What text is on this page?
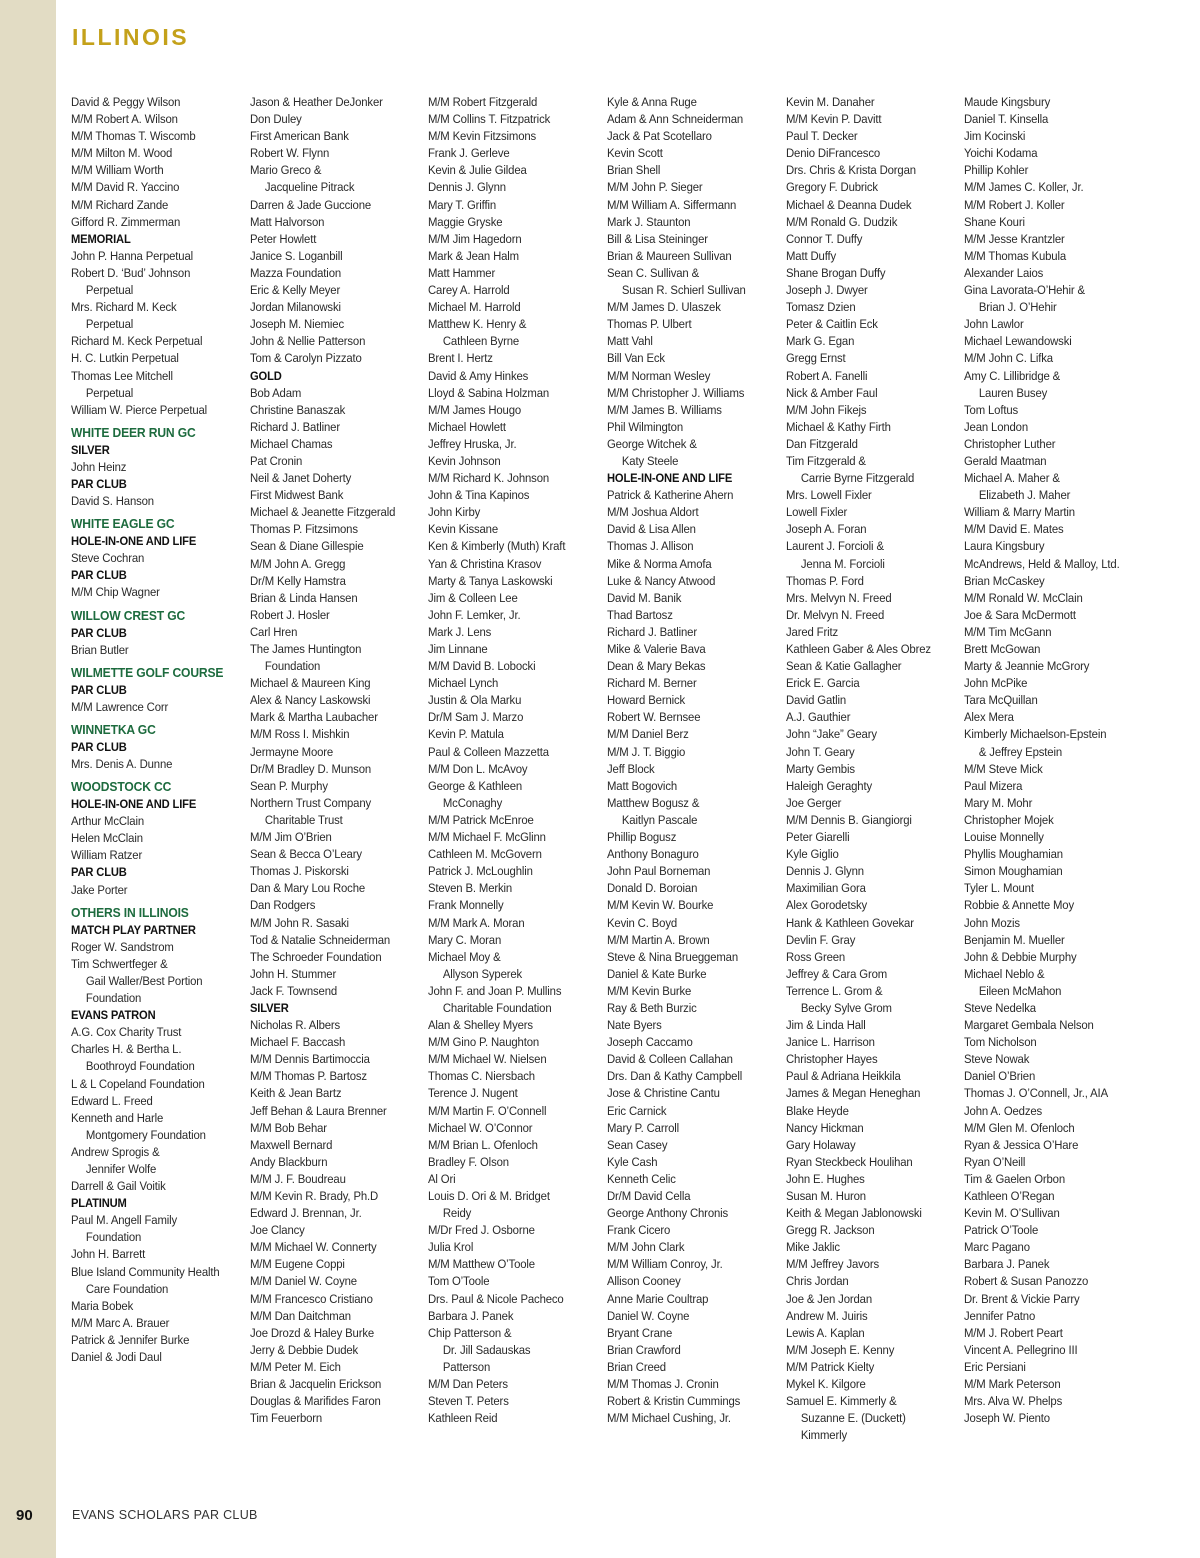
ILLINOIS
David & Peggy Wilson
M/M Robert A. Wilson
M/M Thomas T. Wiscomb
M/M Milton M. Wood
M/M William Worth
M/M David R. Yaccino
M/M Richard Zande
Gifford R. Zimmerman
MEMORIAL
John P. Hanna Perpetual
Robert D. ‘Bud’ Johnson
Perpetual
Mrs. Richard M. Keck
Perpetual
Richard M. Keck Perpetual
H. C. Lutkin Perpetual
Thomas Lee Mitchell
Perpetual
William W. Pierce Perpetual
WHITE DEER RUN GC
SILVER
John Heinz
PAR CLUB
David S. Hanson
WHITE EAGLE GC
HOLE-IN-ONE AND LIFE
Steve Cochran
PAR CLUB
M/M Chip Wagner
WILLOW CREST GC
PAR CLUB
Brian Butler
WILMETTE GOLF COURSE
PAR CLUB
M/M Lawrence Corr
WINNETKA GC
PAR CLUB
Mrs. Denis A. Dunne
WOODSTOCK CC
HOLE-IN-ONE AND LIFE
Arthur McClain
Helen McClain
William Ratzer
PAR CLUB
Jake Porter
OTHERS IN ILLINOIS
MATCH PLAY PARTNER
Roger W. Sandstrom
Tim Schwertfeger &
Gail Waller/Best Portion
Foundation
EVANS PATRON
A.G. Cox Charity Trust
Charles H. & Bertha L.
Boothroyd Foundation
L & L Copeland Foundation
Edward L. Freed
Kenneth and Harle
Montgomery Foundation
Andrew Sprogis &
Jennifer Wolfe
Darrell & Gail Voitik
PLATINUM
Paul M. Angell Family
Foundation
John H. Barrett
Blue Island Community Health
Care Foundation
Maria Bobek
M/M Marc A. Brauer
Patrick & Jennifer Burke
Daniel & Jodi Daul
Jason & Heather DeJonker
Don Duley
First American Bank
Robert W. Flynn
Mario Greco &
Jacqueline Pitrack
Darren & Jade Guccione
Matt Halvorson
Peter Howlett
Janice S. Loganbill
Mazza Foundation
Eric & Kelly Meyer
Jordan Milanowski
Joseph M. Niemiec
John & Nellie Patterson
Tom & Carolyn Pizzato
GOLD
Bob Adam
Christine Banaszak
Richard J. Batliner
Michael Chamas
Pat Cronin
Neil & Janet Doherty
First Midwest Bank
Michael & Jeanette Fitzgerald
Thomas P. Fitzsimons
Sean & Diane Gillespie
M/M John A. Gregg
Dr/M Kelly Hamstra
Brian & Linda Hansen
Robert J. Hosler
Carl Hren
The James Huntington
Foundation
Michael & Maureen King
Alex & Nancy Laskowski
Mark & Martha Laubacher
M/M Ross I. Mishkin
Jermayne Moore
Dr/M Bradley D. Munson
Sean P. Murphy
Northern Trust Company
Charitable Trust
M/M Jim O’Brien
Sean & Becca O’Leary
Thomas J. Piskorski
Dan & Mary Lou Roche
Dan Rodgers
M/M John R. Sasaki
Tod & Natalie Schneiderman
The Schroeder Foundation
John H. Stummer
Jack F. Townsend
SILVER
Nicholas R. Albers
Michael F. Baccash
M/M Dennis Bartimoccia
M/M Thomas P. Bartosz
Keith & Jean Bartz
Jeff Behan & Laura Brenner
M/M Bob Behar
Maxwell Bernard
Andy Blackburn
M/M J. F. Boudreau
M/M Kevin R. Brady, Ph.D
Edward J. Brennan, Jr.
Joe Clancy
M/M Michael W. Connerty
M/M Eugene Coppi
M/M Daniel W. Coyne
M/M Francesco Cristiano
M/M Dan Daitchman
Joe Drozd & Haley Burke
Jerry & Debbie Dudek
M/M Peter M. Eich
Brian & Jacquelin Erickson
Douglas & Marifides Faron
Tim Feuerborn
M/M Robert Fitzgerald
M/M Collins T. Fitzpatrick
M/M Kevin Fitzsimons
Frank J. Gerleve
Kevin & Julie Gildea
Dennis J. Glynn
Mary T. Griffin
Maggie Gryske
M/M Jim Hagedorn
Mark & Jean Halm
Matt Hammer
Carey A. Harrold
Michael M. Harrold
Matthew K. Henry &
Cathleen Byrne
Brent I. Hertz
David & Amy Hinkes
Lloyd & Sabina Holzman
M/M James Hougo
Michael Howlett
Jeffrey Hruska, Jr.
Kevin Johnson
M/M Richard K. Johnson
John & Tina Kapinos
John Kirby
Kevin Kissane
Ken & Kimberly (Muth) Kraft
Yan & Christina Krasov
Marty & Tanya Laskowski
Jim & Colleen Lee
John F. Lemker, Jr.
Mark J. Lens
Jim Linnane
M/M David B. Lobocki
Michael Lynch
Justin & Ola Marku
Dr/M Sam J. Marzo
Kevin P. Matula
Paul & Colleen Mazzetta
M/M Don L. McAvoy
George & Kathleen
McConaghy
M/M Patrick McEnroe
M/M Michael F. McGlinn
Cathleen M. McGovern
Patrick J. McLoughlin
Steven B. Merkin
Frank Monnelly
M/M Mark A. Moran
Mary C. Moran
Michael Moy &
Allyson Syperek
John F. and Joan P. Mullins
Charitable Foundation
Alan & Shelley Myers
M/M Gino P. Naughton
M/M Michael W. Nielsen
Thomas C. Niersbach
Terence J. Nugent
M/M Martin F. O’Connell
Michael W. O’Connor
M/M Brian L. Ofenloch
Bradley F. Olson
Al Ori
Louis D. Ori & M. Bridget
Reidy
M/Dr Fred J. Osborne
Julia Krol
M/M Matthew O’Toole
Tom O’Toole
Drs. Paul & Nicole Pacheco
Barbara J. Panek
Chip Patterson &
Dr. Jill Sadauskas
Patterson
M/M Dan Peters
Steven T. Peters
Kathleen Reid
Kyle & Anna Ruge
Adam & Ann Schneiderman
Jack & Pat Scotellaro
Kevin Scott
Brian Shell
M/M John P. Sieger
M/M William A. Siffermann
Mark J. Staunton
Bill & Lisa Steininger
Brian & Maureen Sullivan
Sean C. Sullivan &
Susan R. Schierl Sullivan
M/M James D. Ulaszek
Thomas P. Ulbert
Matt Vahl
Bill Van Eck
M/M Norman Wesley
M/M Christopher J. Williams
M/M James B. Williams
Phil Wilmington
George Witchek &
Katy Steele
HOLE-IN-ONE AND LIFE
Patrick & Katherine Ahern
M/M Joshua Aldort
David & Lisa Allen
Thomas J. Allison
Mike & Norma Amofa
Luke & Nancy Atwood
David M. Banik
Thad Bartosz
Richard J. Batliner
Mike & Valerie Bava
Dean & Mary Bekas
Richard M. Berner
Howard Bernick
Robert W. Bernsee
M/M Daniel Berz
M/M J. T. Biggio
Jeff Block
Matt Bogovich
Matthew Bogusz &
Kaitlyn Pascale
Phillip Bogusz
Anthony Bonaguro
John Paul Borneman
Donald D. Boroian
M/M Kevin W. Bourke
Kevin C. Boyd
M/M Martin A. Brown
Steve & Nina Brueggeman
Daniel & Kate Burke
M/M Kevin Burke
Ray & Beth Burzic
Nate Byers
Joseph Caccamo
David & Colleen Callahan
Drs. Dan & Kathy Campbell
Jose & Christine Cantu
Eric Carnick
Mary P. Carroll
Sean Casey
Kyle Cash
Kenneth Celic
Dr/M David Cella
George Anthony Chronis
Frank Cicero
M/M John Clark
M/M William Conroy, Jr.
Allison Cooney
Anne Marie Coultrap
Daniel W. Coyne
Bryant Crane
Brian Crawford
Brian Creed
M/M Thomas J. Cronin
Robert & Kristin Cummings
M/M Michael Cushing, Jr.
Kevin M. Danaher
M/M Kevin P. Davitt
Paul T. Decker
Denio DiFrancesco
Drs. Chris & Krista Dorgan
Gregory F. Dubrick
Michael & Deanna Dudek
M/M Ronald G. Dudzik
Connor T. Duffy
Matt Duffy
Shane Brogan Duffy
Joseph J. Dwyer
Tomasz Dzien
Peter & Caitlin Eck
Mark G. Egan
Gregg Ernst
Robert A. Fanelli
Nick & Amber Faul
M/M John Fikejs
Michael & Kathy Firth
Dan Fitzgerald
Tim Fitzgerald &
Carrie Byrne Fitzgerald
Mrs. Lowell Fixler
Lowell Fixler
Joseph A. Foran
Laurent J. Forcioli &
Jenna M. Forcioli
Thomas P. Ford
Mrs. Melvyn N. Freed
Dr. Melvyn N. Freed
Jared Fritz
Kathleen Gaber & Ales Obrez
Sean & Katie Gallagher
Erick E. Garcia
David Gatlin
A.J. Gauthier
John “Jake” Geary
John T. Geary
Marty Gembis
Haleigh Geraghty
Joe Gerger
M/M Dennis B. Giangiorgi
Peter Giarelli
Kyle Giglio
Dennis J. Glynn
Maximilian Gora
Alex Gorodetsky
Hank & Kathleen Govekar
Devlin F. Gray
Ross Green
Jeffrey & Cara Grom
Terrence L. Grom &
Becky Sylve Grom
Jim & Linda Hall
Janice L. Harrison
Christopher Hayes
Paul & Adriana Heikkila
James & Megan Heneghan
Blake Heyde
Nancy Hickman
Gary Holaway
Ryan Steckbeck Houlihan
John E. Hughes
Susan M. Huron
Keith & Megan Jablonowski
Gregg R. Jackson
Mike Jaklic
M/M Jeffrey Javors
Chris Jordan
Joe & Jen Jordan
Andrew M. Juiris
Lewis A. Kaplan
M/M Joseph E. Kenny
M/M Patrick Kielty
Mykel K. Kilgore
Samuel E. Kimmerly &
Suzanne E. (Duckett)
Kimmerly
Maude Kingsbury
Daniel T. Kinsella
Jim Kocinski
Yoichi Kodama
Phillip Kohler
M/M James C. Koller, Jr.
M/M Robert J. Koller
Shane Kouri
M/M Jesse Krantzler
M/M Thomas Kubula
Alexander Laios
Gina Lavorata-O’Hehir &
Brian J. O’Hehir
John Lawlor
Michael Lewandowski
M/M John C. Lifka
Amy C. Lillibridge &
Lauren Busey
Tom Loftus
Jean London
Christopher Luther
Gerald Maatman
Michael A. Maher &
Elizabeth J. Maher
William & Marry Martin
M/M David E. Mates
Laura Kingsbury
McAndrews, Held & Malloy, Ltd.
Brian McCaskey
M/M Ronald W. McClain
Joe & Sara McDermott
M/M Tim McGann
Brett McGowan
Marty & Jeannie McGrory
John McPike
Tara McQuillan
Alex Mera
Kimberly Michaelson-Epstein
& Jeffrey Epstein
M/M Steve Mick
Paul Mizera
Mary M. Mohr
Christopher Mojek
Louise Monnelly
Phyllis Moughamian
Simon Moughamian
Tyler L. Mount
Robbie & Annette Moy
John Mozis
Benjamin M. Mueller
John & Debbie Murphy
Michael Neblo &
Eileen McMahon
Steve Nedelka
Margaret Gembala Nelson
Tom Nicholson
Steve Nowak
Daniel O’Brien
Thomas J. O’Connell, Jr., AIA
John A. Oedzes
M/M Glen M. Ofenloch
Ryan & Jessica O’Hare
Ryan O’Neill
Tim & Gaelen Orbon
Kathleen O’Regan
Kevin M. O’Sullivan
Patrick O’Toole
Marc Pagano
Barbara J. Panek
Robert & Susan Panozzo
Dr. Brent & Vickie Parry
Jennifer Patno
M/M J. Robert Peart
Vincent A. Pellegrino III
Eric Persiani
M/M Mark Peterson
Mrs. Alva W. Phelps
Joseph W. Piento
90	EVANS SCHOLARS PAR CLUB
